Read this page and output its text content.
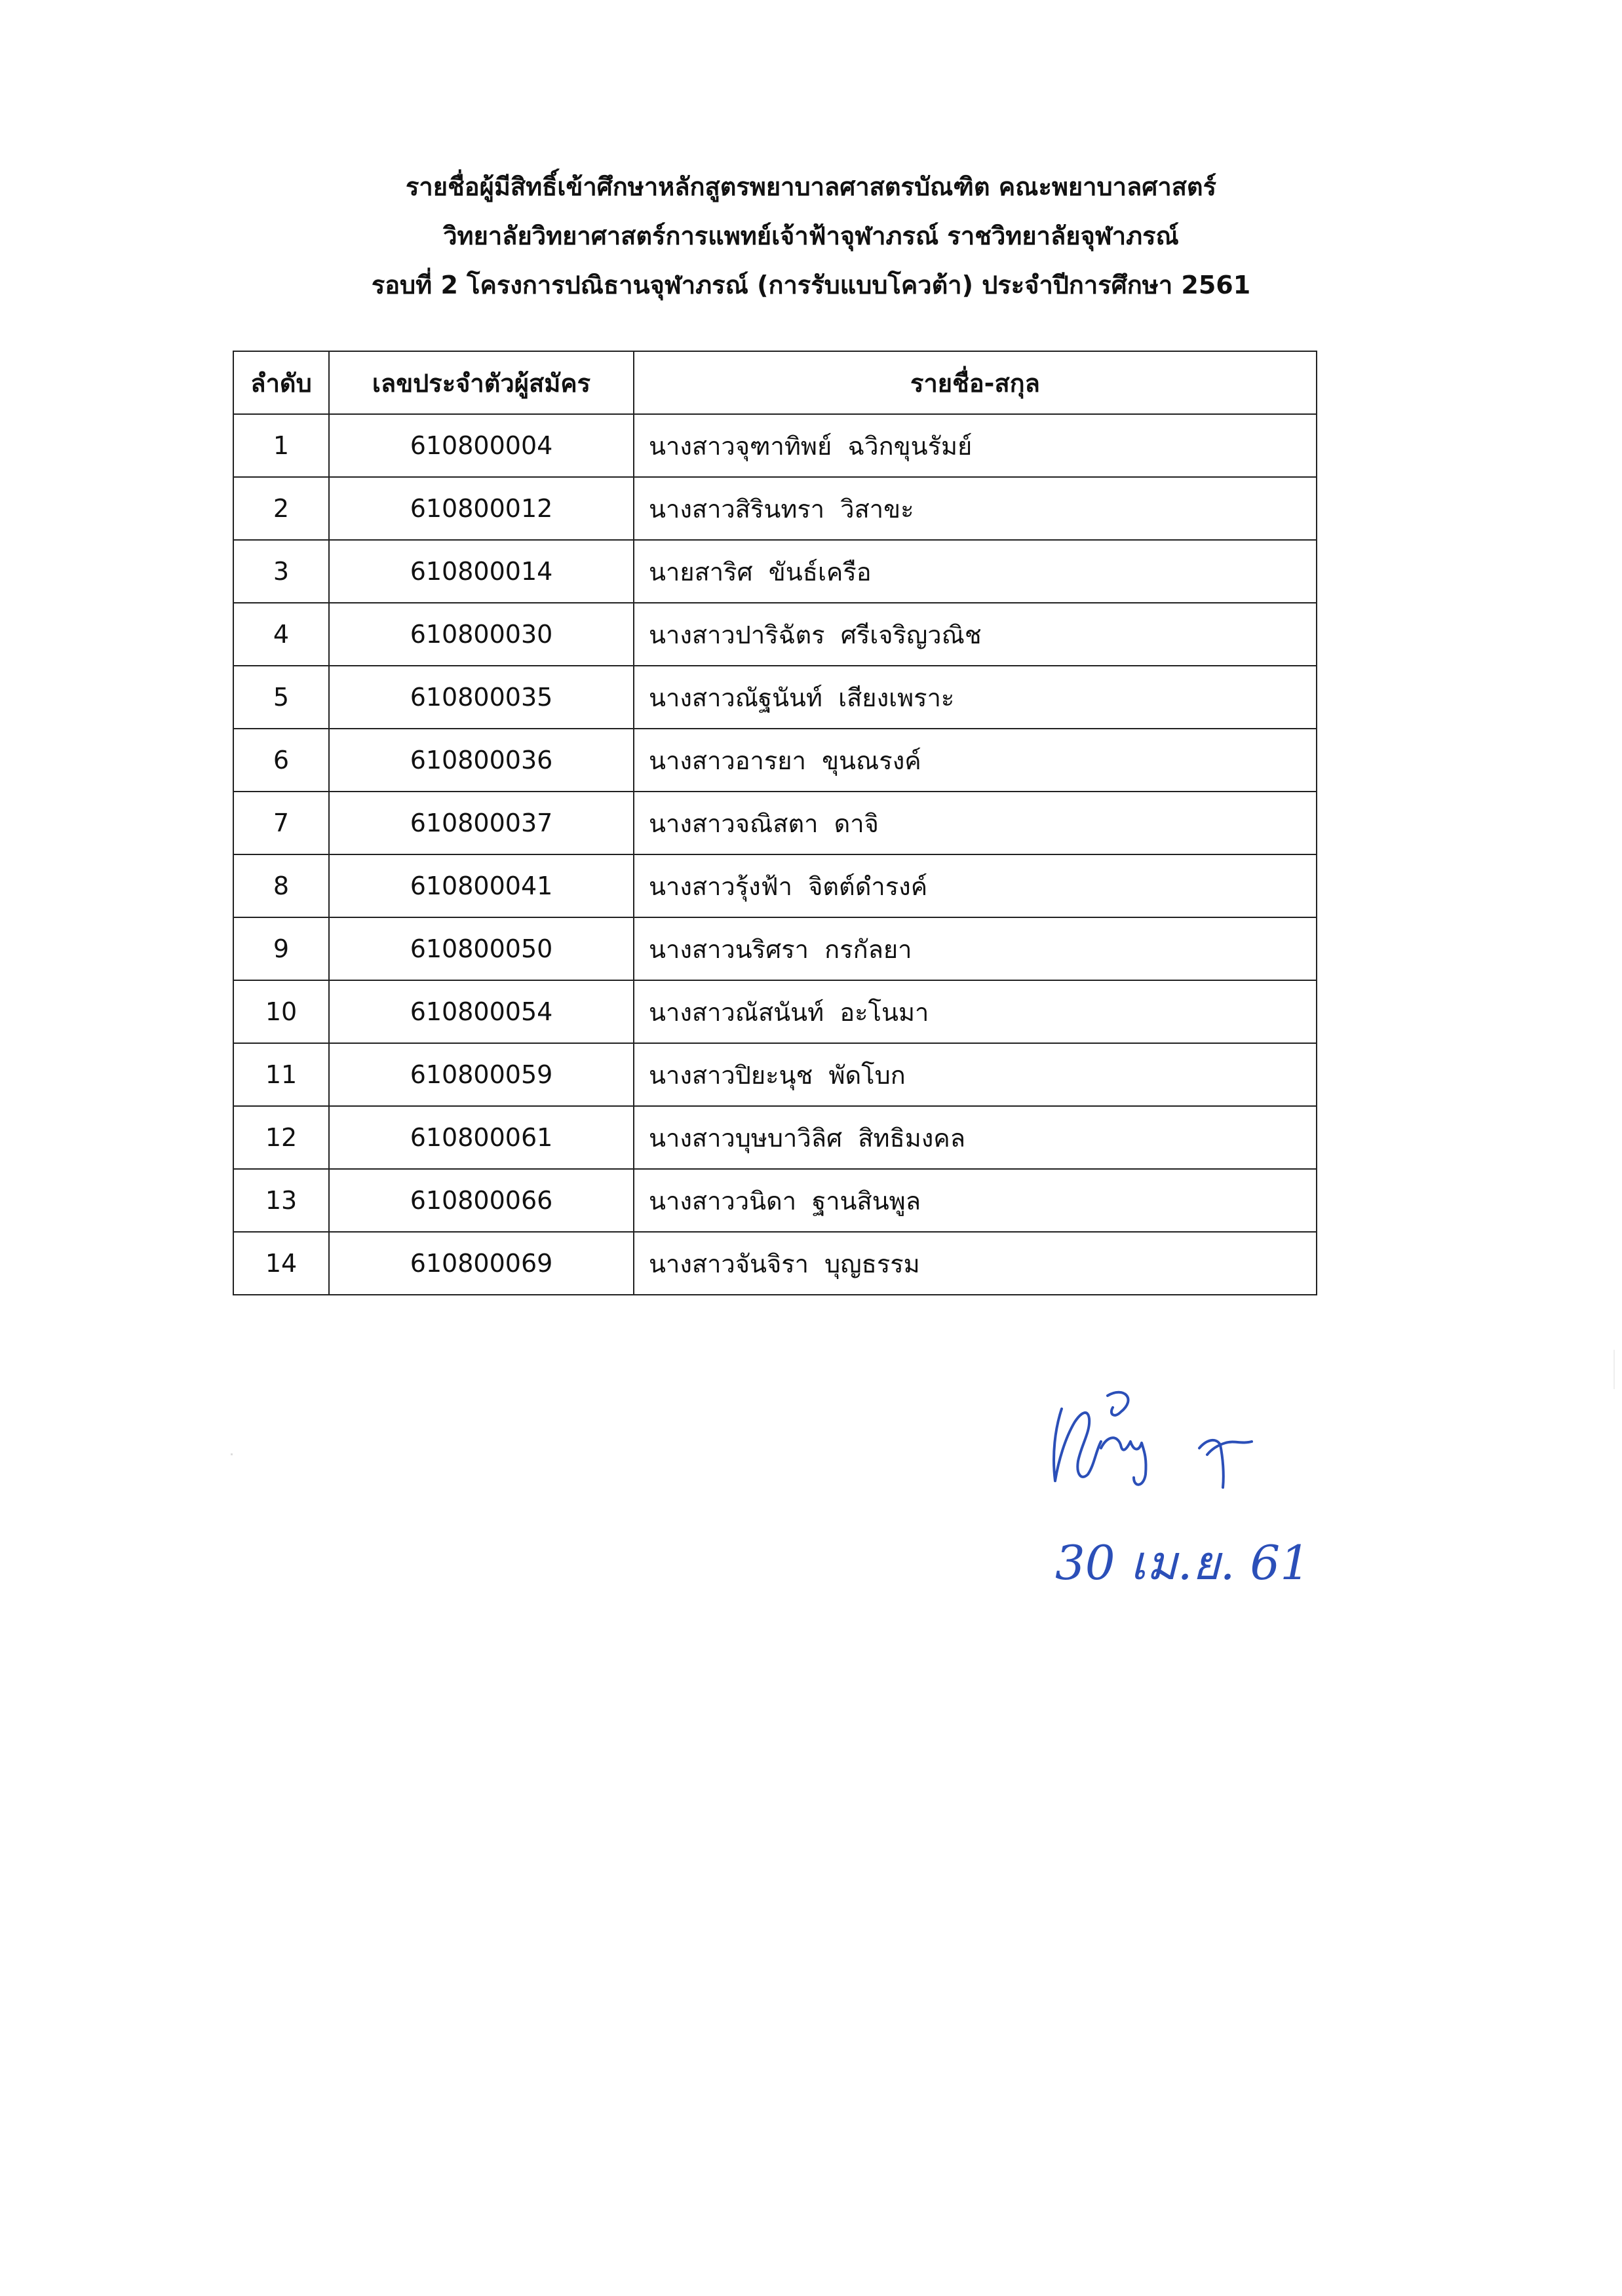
รายชื่อผู้มีสิทธิ์เข้าศึกษาหลักสูตรพยาบาลศาสตรบัณฑิต คณะพยาบาลศาสตร์
วิทยาลัยวิทยาศาสตร์การแพทย์เจ้าฟ้าจุฬาภรณ์ ราชวิทยาลัยจุฬาภรณ์
รอบที่ 2 โครงการปณิธานจุฬาภรณ์ (การรับแบบโควต้า) ประจำปีการศึกษา 2561
ลำดับ	เลขประจำตัวผู้สมัคร	รายชื่อ-สกุล
1	610800004	นางสาวจุฑาทิพย์  ฉวิกขุนรัมย์
2	610800012	นางสาวสิรินทรา  วิสาขะ
3	610800014	นายสาริศ  ขันธ์เครือ
4	610800030	นางสาวปาริฉัตร  ศรีเจริญวณิช
5	610800035	นางสาวณัฐนันท์  เสียงเพราะ
6	610800036	นางสาวอารยา  ขุนณรงค์
7	610800037	นางสาวจณิสตา  ดาจิ
8	610800041	นางสาวรุ้งฟ้า  จิตต์ดำรงค์
9	610800050	นางสาวนริศรา  กรกัลยา
10	610800054	นางสาวณัสนันท์  อะโนมา
11	610800059	นางสาวปิยะนุช  พัดโบก
12	610800061	นางสาวบุษบาวิลิศ  สิทธิมงคล
13	610800066	นางสาววนิดา  ฐานสินพูล
14	610800069	นางสาวจันจิรา  บุญธรรม
30 เม.ย. 61
